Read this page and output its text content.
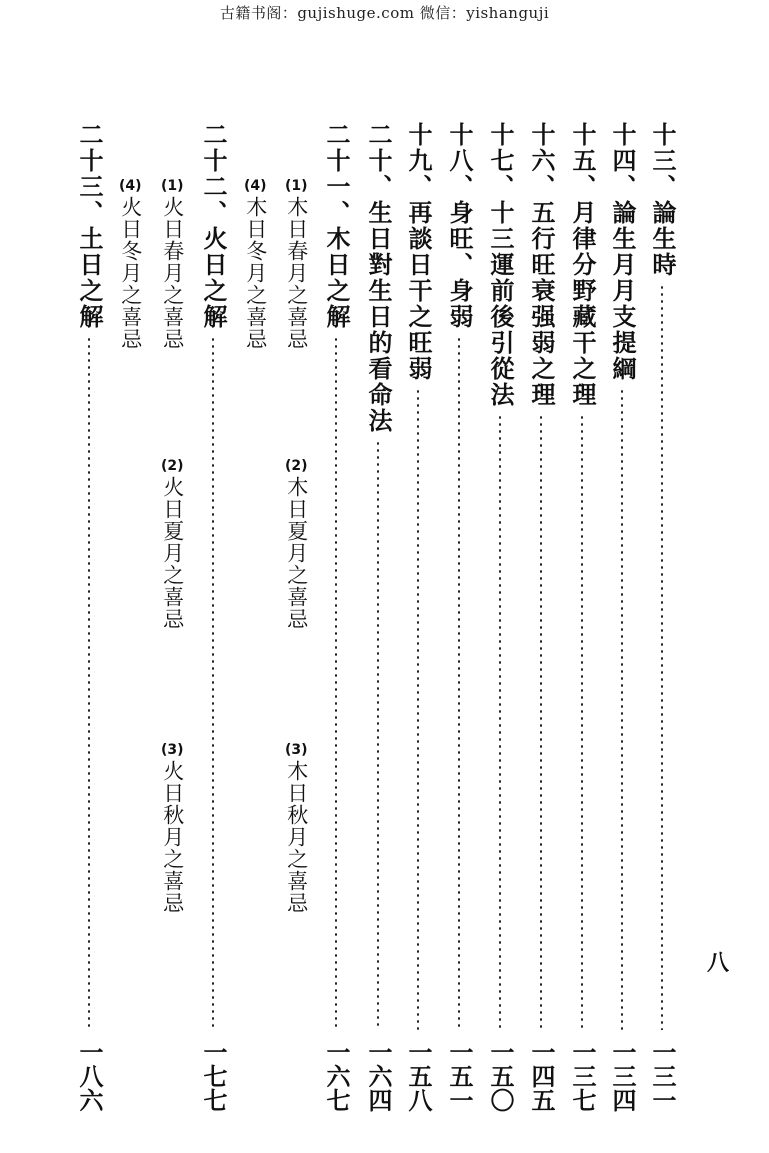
古籍书阁：gujishuge.com 微信：yishanguji
十三、論生時
一三一
十四、論生月月支提綱
一三四
十五、月律分野藏干之理
一三七
十六、五行旺衰强弱之理
一四五
十七、十三運前後引從法
一五〇
十八、身旺、身弱
一五一
十九、再談日干之旺弱
一五八
二十、生日對生日的看命法
一六四
二十一、木日之解
一六七
(1)
木日春月之喜忌
(2)
木日夏月之喜忌
(3)
木日秋月之喜忌
(4)
木日冬月之喜忌
二十二、火日之解
一七七
(1)
火日春月之喜忌
(2)
火日夏月之喜忌
(3)
火日秋月之喜忌
(4)
火日冬月之喜忌
二十三、土日之解
一八六
八
